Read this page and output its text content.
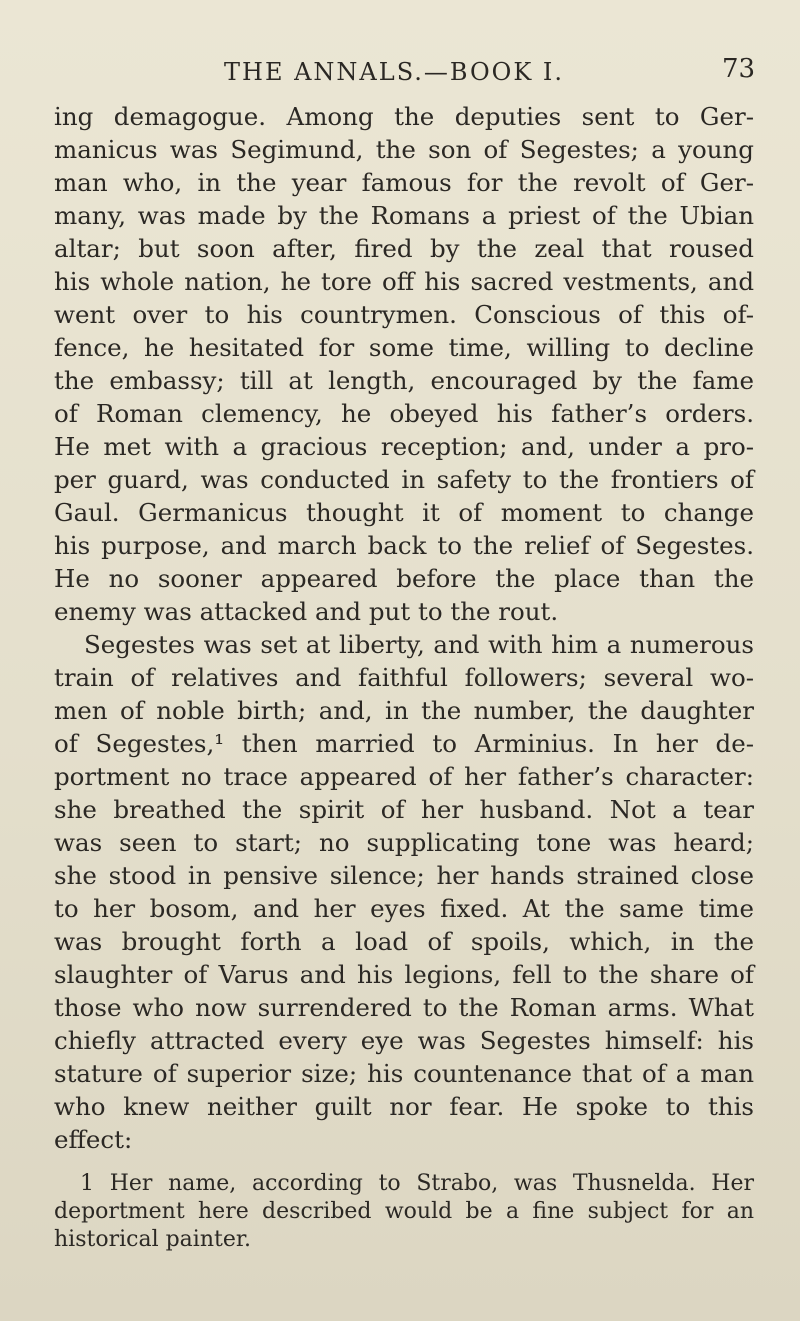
THE ANNALS.—BOOK I.	73
ing demagogue. Among the deputies sent to Ger-
manicus was Segimund, the son of Segestes; a young
man who, in the year famous for the revolt of Ger-
many, was made by the Romans a priest of the Ubian
altar; but soon after, fired by the zeal that roused
his whole nation, he tore off his sacred vestments, and
went over to his countrymen. Conscious of this of-
fence, he hesitated for some time, willing to decline
the embassy; till at length, encouraged by the fame
of Roman clemency, he obeyed his father’s orders.
He met with a gracious reception; and, under a pro-
per guard, was conducted in safety to the frontiers of
Gaul. Germanicus thought it of moment to change
his purpose, and march back to the relief of Segestes.
He no sooner appeared before the place than the
enemy was attacked and put to the rout.
Segestes was set at liberty, and with him a numerous
train of relatives and faithful followers; several wo-
men of noble birth; and, in the number, the daughter
of Segestes,¹ then married to Arminius. In her de-
portment no trace appeared of her father’s character:
she breathed the spirit of her husband. Not a tear
was seen to start; no supplicating tone was heard;
she stood in pensive silence; her hands strained close
to her bosom, and her eyes fixed. At the same time
was brought forth a load of spoils, which, in the
slaughter of Varus and his legions, fell to the share of
those who now surrendered to the Roman arms. What
chiefly attracted every eye was Segestes himself: his
stature of superior size; his countenance that of a man
who knew neither guilt nor fear. He spoke to this
effect:
1 Her name, according to Strabo, was Thusnelda. Her
deportment here described would be a fine subject for an
historical painter.
